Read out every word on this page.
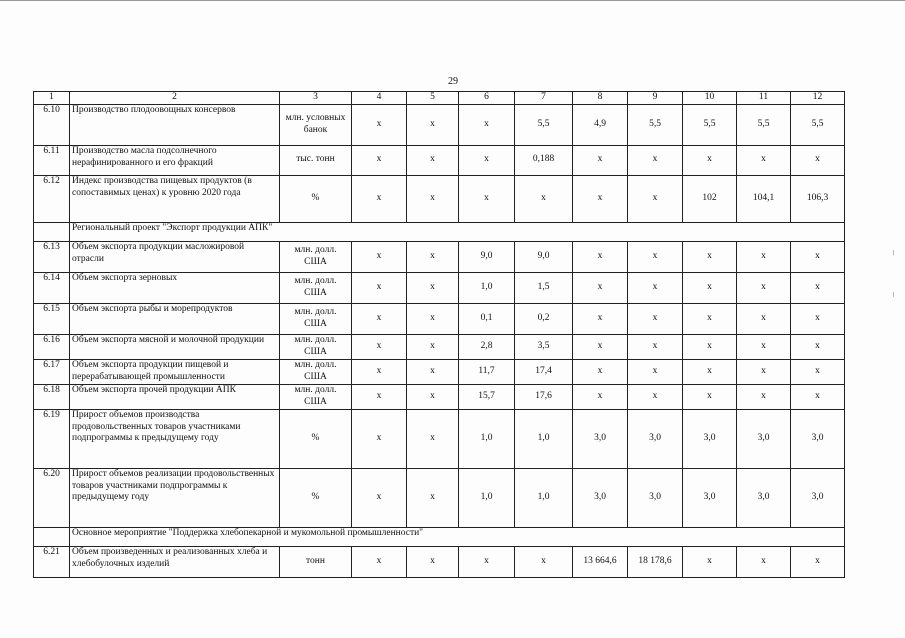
29
1	2	3	4	5	6	7	8	9	10	11	12
6.10	Производство плодоовощных консервов	млн. условных банок	x	x	x	5,5	4,9	5,5	5,5	5,5	5,5
6.11	Производство масла подсолнечного нерафинированного и его фракций	тыс. тонн	x	x	x	0,188	x	x	x	x	x
6.12	Индекс производства пищевых продуктов (в сопоставимых ценах) к уровню 2020 года	%	x	x	x	x	x	x	102	104,1	106,3
	Региональный проект "Экспорт продукции АПК"										
6.13	Объем экспорта продукции масложировой отрасли	млн. долл. США	x	x	9,0	9,0	x	x	x	x	x
6.14	Объем экспорта зерновых	млн. долл. США	x	x	1,0	1,5	x	x	x	x	x
6.15	Объем экспорта рыбы и морепродуктов	млн. долл. США	x	x	0,1	0,2	x	x	x	x	x
6.16	Объем экспорта мясной и молочной продукции	млн. долл. США	x	x	2,8	3,5	x	x	x	x	x
6.17	Объем экспорта продукции пищевой и перерабатывающей промышленности	млн. долл. США	x	x	11,7	17,4	x	x	x	x	x
6.18	Объем экспорта прочей продукции АПК	млн. долл. США	x	x	15,7	17,6	x	x	x	x	x
6.19	Прирост объемов производства продовольственных товаров участниками подпрограммы к предыдущему году	%	x	x	1,0	1,0	3,0	3,0	3,0	3,0	3,0
6.20	Прирост объемов реализации продовольственных товаров участниками подпрограммы к предыдущему году	%	x	x	1,0	1,0	3,0	3,0	3,0	3,0	3,0
	Основное мероприятие "Поддержка хлебопекарной и мукомольной промышленности"										
6.21	Объем произведенных и реализованных хлеба и хлебобулочных изделий	тонн	x	x	x	x	13 664,6	18 178,6	x	x	x
